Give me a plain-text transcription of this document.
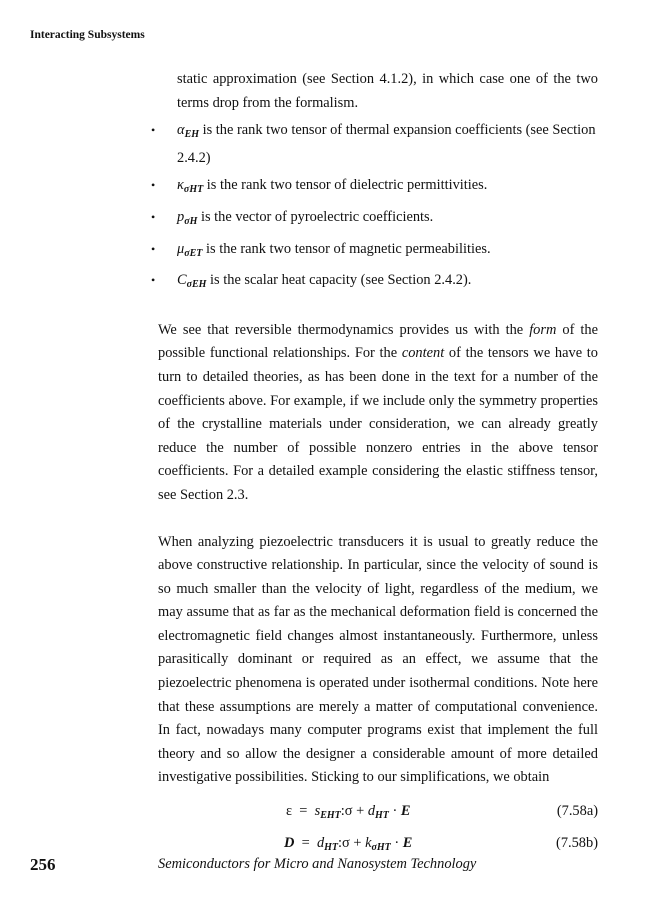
Interacting Subsystems

static approximation (see Section 4.1.2), in which case one of the two terms drop from the formalism.

• $\alpha_{EH}$ is the rank two tensor of thermal expansion coefficients (see Section 2.4.2)
• $\kappa_{\sigma HT}$ is the rank two tensor of dielectric permittivities.
• $p_{\sigma H}$ is the vector of pyroelectric coefficients.
• $\mu_{\sigma ET}$ is the rank two tensor of magnetic permeabilities.
• $C_{\sigma EH}$ is the scalar heat capacity (see Section 2.4.2).

We see that reversible thermodynamics provides us with the form of the possible functional relationships. For the content of the tensors we have to turn to detailed theories, as has been done in the text for a number of the coefficients above. For example, if we include only the symmetry properties of the crystalline materials under consideration, we can already greatly reduce the number of possible nonzero entries in the above tensor coefficients. For a detailed example considering the elastic stiffness tensor, see Section 2.3.

When analyzing piezoelectric transducers it is usual to greatly reduce the above constructive relationship. In particular, since the velocity of sound is so much smaller than the velocity of light, regardless of the medium, we may assume that as far as the mechanical deformation field is concerned the electromagnetic field changes almost instantaneously. Furthermore, unless parasitically dominant or required as an effect, we assume that the piezoelectric phenomena is operated under isothermal conditions. Note here that these assumptions are merely a matter of computational convenience. In fact, nowadays many computer programs exist that implement the full theory and so allow the designer a considerable amount of more detailed investigative possibilities. Sticking to our simplifications, we obtain

$\varepsilon = s_{EHT}:\sigma + d_{HT} \cdot E$	(7.58a)
$D = d_{HT}:\sigma + k_{\sigma HT} \cdot E$	(7.58b)
256	Semiconductors for Micro and Nanosystem Technology
